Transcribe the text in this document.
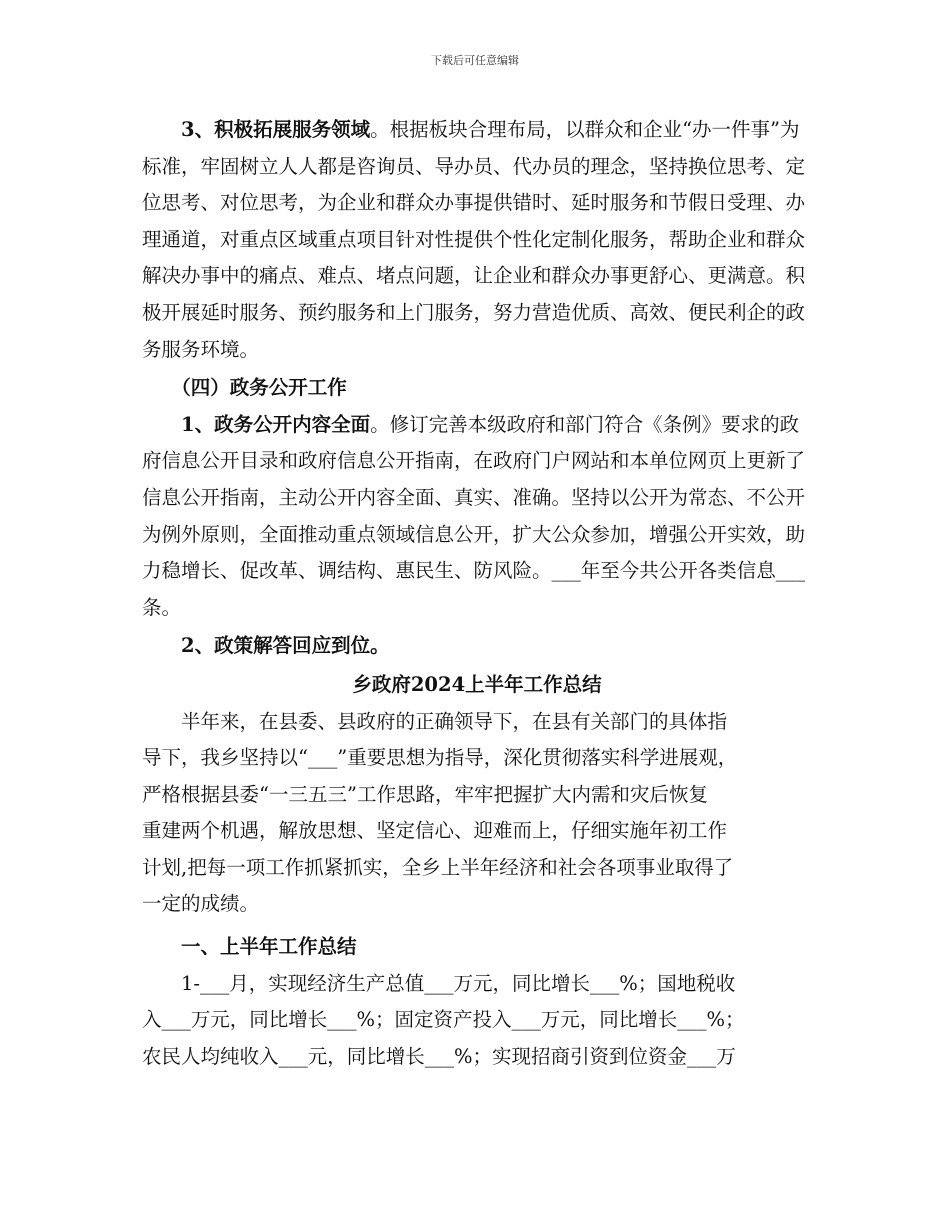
下载后可任意编辑

3、积极拓展服务领域。根据板块合理布局，以群众和企业“办一件事”为标准，牢固树立人人都是咨询员、导办员、代办员的理念，坚持换位思考、定位思考、对位思考，为企业和群众办事提供错时、延时服务和节假日受理、办理通道，对重点区域重点项目针对性提供个性化定制化服务，帮助企业和群众解决办事中的痛点、难点、堵点问题，让企业和群众办事更舒心、更满意。积极开展延时服务、预约服务和上门服务，努力营造优质、高效、便民利企的政务服务环境。

（四）政务公开工作

1、政务公开内容全面。修订完善本级政府和部门符合《条例》要求的政府信息公开目录和政府信息公开指南，在政府门户网站和本单位网页上更新了信息公开指南，主动公开内容全面、真实、准确。坚持以公开为常态、不公开为例外原则，全面推动重点领域信息公开，扩大公众参加，增强公开实效，助力稳增长、促改革、调结构、惠民生、防风险。___年至今共公开各类信息___条。

2、政策解答回应到位。

乡政府2024上半年工作总结

半年来，在县委、县政府的正确领导下，在县有关部门的具体指

导下，我乡坚持以“___”重要思想为指导，深化贯彻落实科学进展观，

严格根据县委“一三五三”工作思路，牢牢把握扩大内需和灾后恢复

重建两个机遇，解放思想、坚定信心、迎难而上，仔细实施年初工作

计划,把每一项工作抓紧抓实，全乡上半年经济和社会各项事业取得了

一定的成绩。

一、上半年工作总结

1-___月，实现经济生产总值___万元，同比增长___%；国地税收

入___万元，同比增长___%；固定资产投入___万元，同比增长___%；

农民人均纯收入___元，同比增长___%；实现招商引资到位资金___万
